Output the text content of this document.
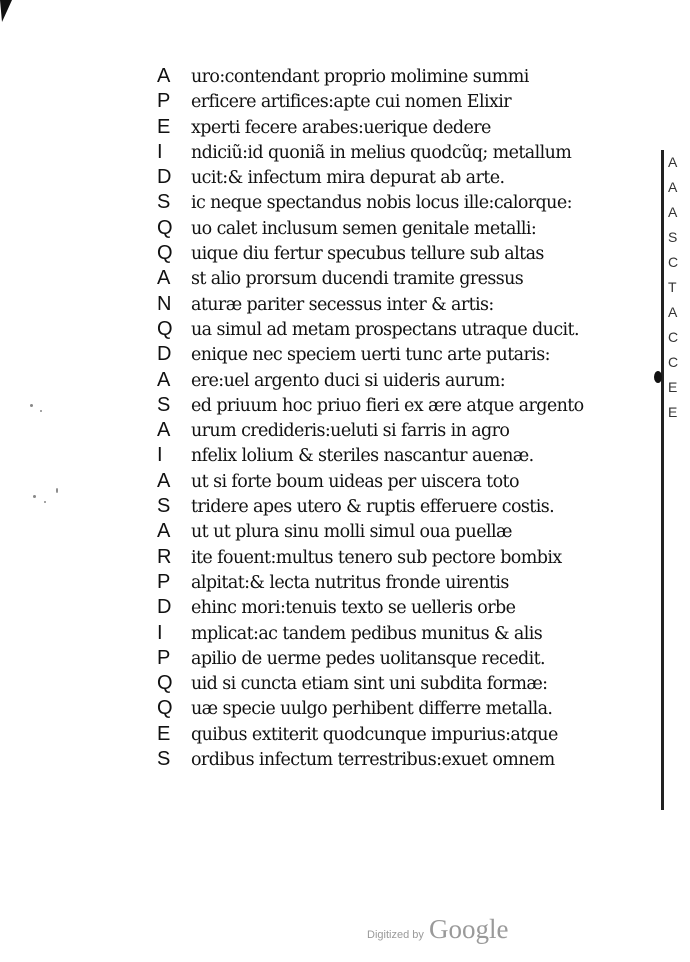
A uro:contendant proprio molimine summi
P erficere artifices:apte cui nomen Elixir
E xperti fecere arabes:uerique dedere
I ndiciũ:id quoniã in melius quodcũq; metallum
D ucit:& infectum mira depurat ab arte.
S ic neque spectandus nobis locus ille:calorque:
Q uo calet inclusum semen genitale metalli:
Q uique diu fertur specubus tellure sub altas
A st alio prorsum ducendi tramite gressus
N aturæ pariter secessus inter & artis:
Q ua simul ad metam prospectans utraque ducit.
D enique nec speciem uerti tunc arte putaris:
A ere:uel argento duci si uideris aurum:
S ed priuum hoc priuo fieri ex ære atque argento
A urum credideris:ueluti si farris in agro
I nfelix lolium & steriles nascantur auenæ.
A ut si forte boum uideas per uiscera toto
S tridere apes utero & ruptis efferuere costis.
A ut ut plura sinu molli simul oua puellæ
R ite fouent:multus tenero sub pectore bombix
P alpitat:& lecta nutritus fronde uirentis
D ehinc mori:tenuis texto se uelleris orbe
I mplicat:ac tandem pedibus munitus & alis
P apilio de uerme pedes uolitansque recedit.
Q uid si cuncta etiam sint uni subdita formæ:
Q uæ specie uulgo perhibent differre metalla.
E quibus extiterit quodcunque impurius:atque
S ordibus infectum terrestribus:exuet omnem
A
A
A
S
C
T
A
C
C
E
E
Digitized by Google
